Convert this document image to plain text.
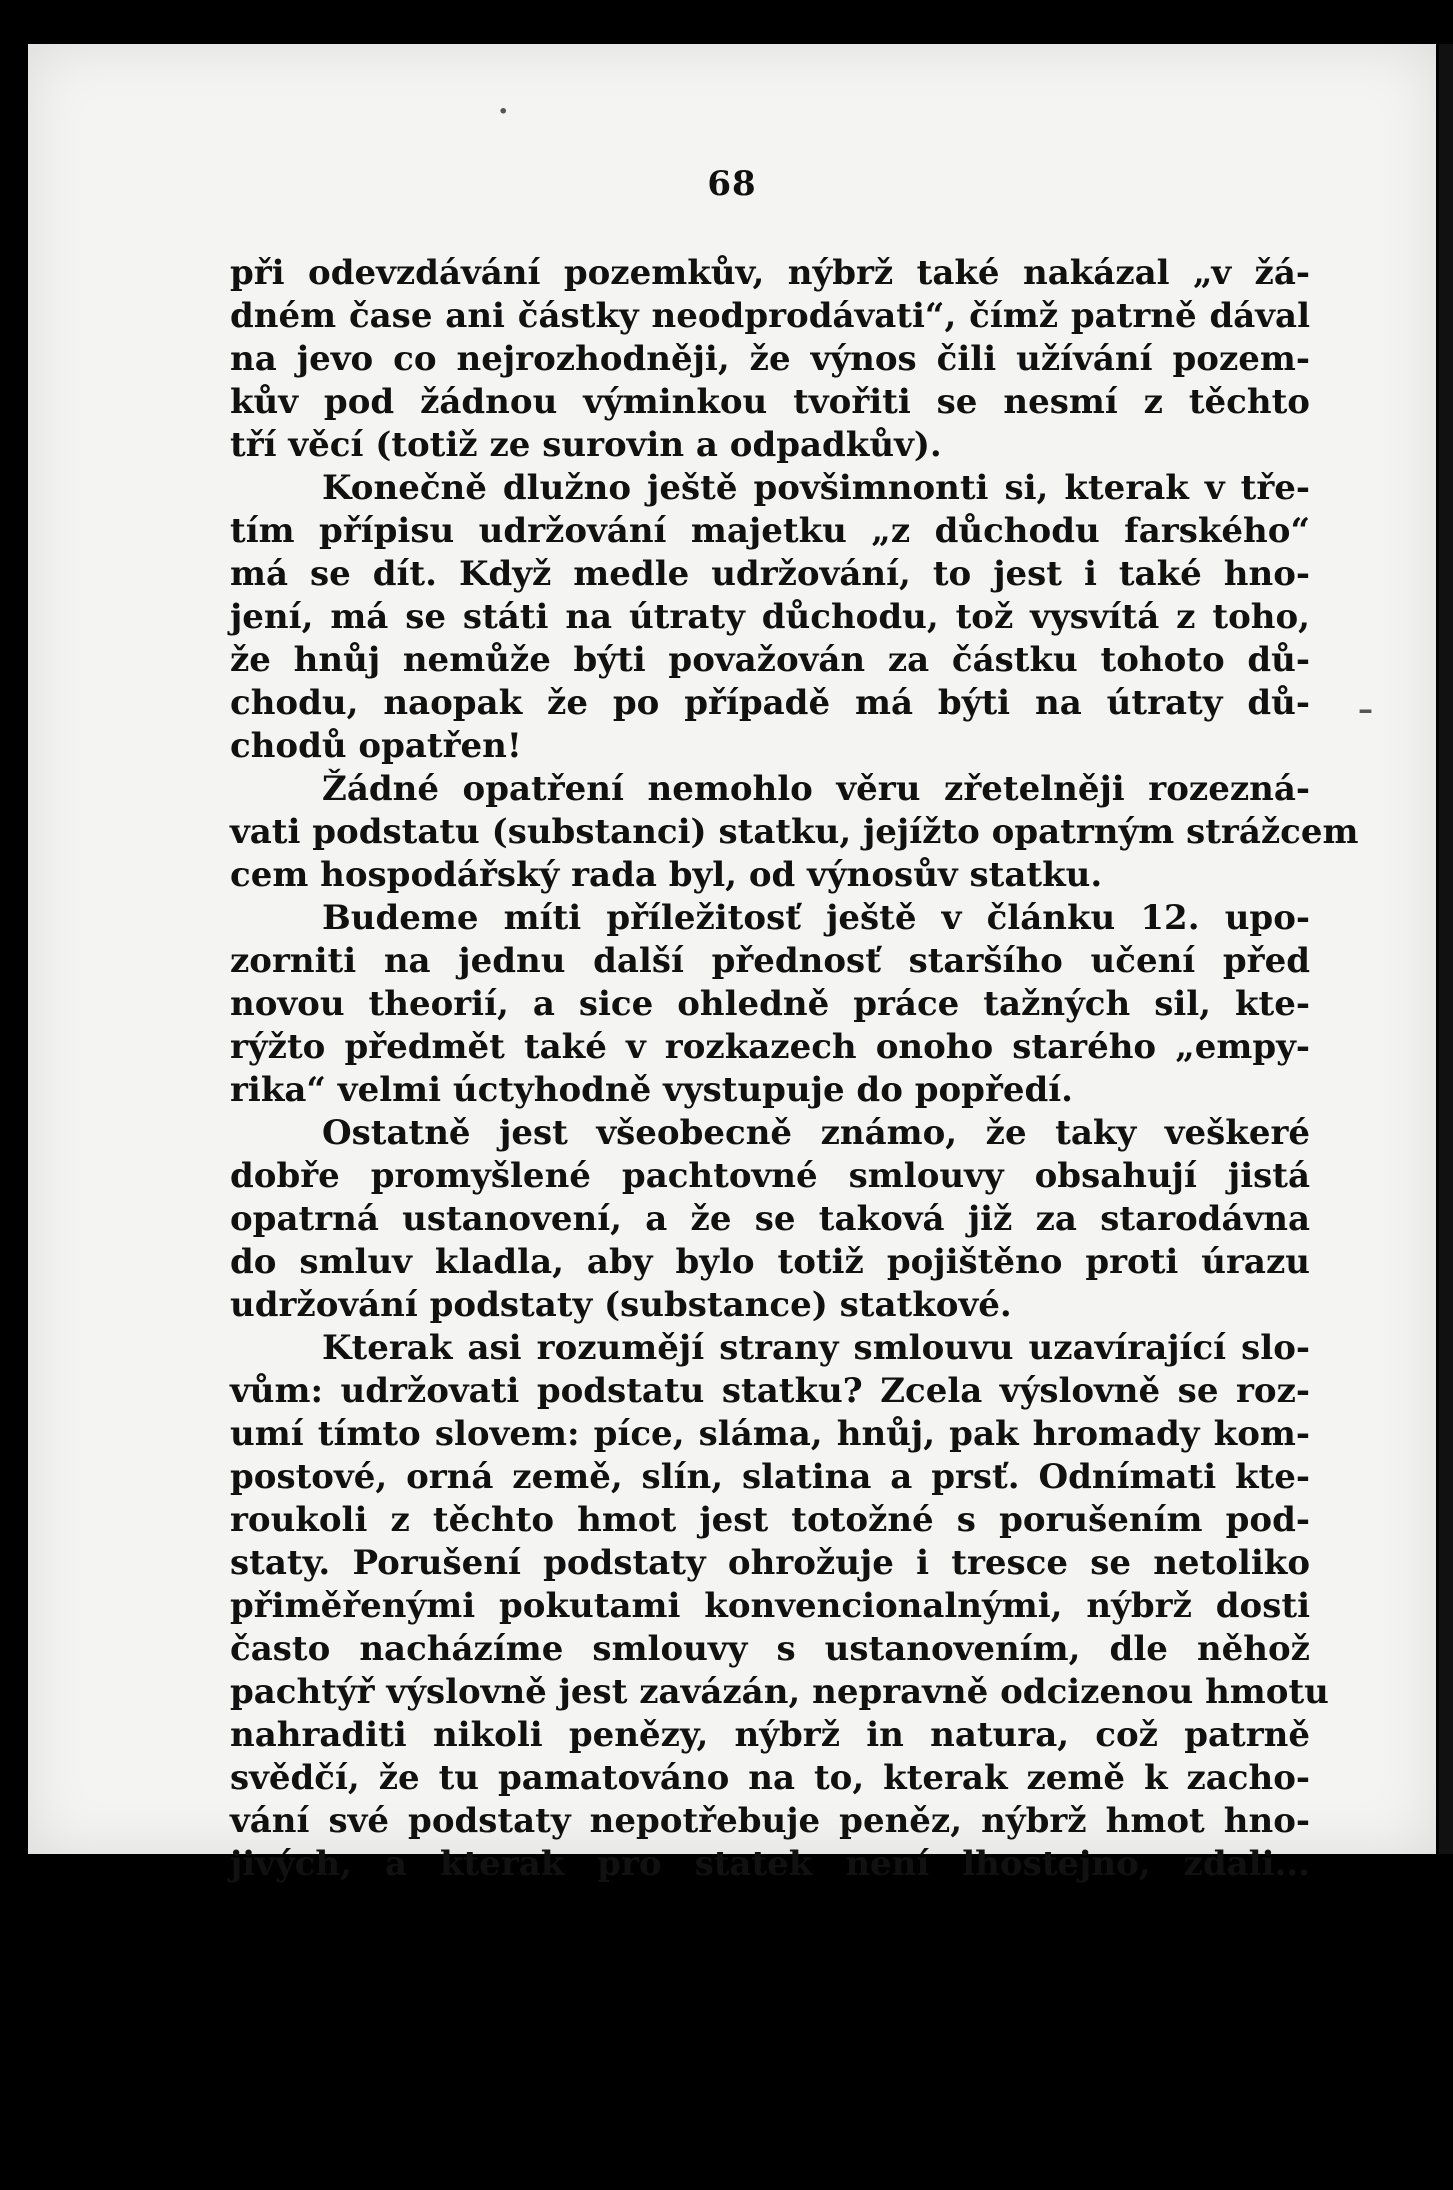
68
·
–
při odevzdávání pozemkův, nýbrž také nakázal „v žá-
dném čase ani částky neodprodávati“, čímž patrně dával
na jevo co nejrozhodněji, že výnos čili užívání pozem-
kův pod žádnou výminkou tvořiti se nesmí z těchto
tří věcí (totiž ze surovin a odpadkův).
Konečně dlužno ještě povšimnonti si, kterak v tře-
tím přípisu udržování majetku „z důchodu farského“
má se dít. Když medle udržování, to jest i také hno-
jení, má se státi na útraty důchodu, tož vysvítá z toho,
že hnůj nemůže býti považován za částku tohoto dů-
chodu, naopak že po případě má býti na útraty dů-
chodů opatřen!
Žádné opatření nemohlo věru zřetelněji rozezná-
vati podstatu (substanci) statku, jejížto opatrným strážcem
cem hospodářský rada byl, od výnosův statku.
Budeme míti příležitosť ještě v článku 12. upo-
zorniti na jednu další přednosť staršího učení před
novou theorií, a sice ohledně práce tažných sil, kte-
rýžto předmět také v rozkazech onoho starého „empy-
rika“ velmi úctyhodně vystupuje do popředí.
Ostatně jest všeobecně známo, že taky veškeré
dobře promyšlené pachtovné smlouvy obsahují jistá
opatrná ustanovení, a že se taková již za starodávna
do smluv kladla, aby bylo totiž pojištěno proti úrazu
udržování podstaty (substance) statkové.
Kterak asi rozumějí strany smlouvu uzavírající slo-
vům: udržovati podstatu statku? Zcela výslovně se roz-
umí tímto slovem: píce, sláma, hnůj, pak hromady kom-
postové, orná země, slín, slatina a prsť. Odnímati kte-
roukoli z těchto hmot jest totožné s porušením pod-
staty. Porušení podstaty ohrožuje i tresce se netoliko
přiměřenými pokutami konvencionalnými, nýbrž dosti
často nacházíme smlouvy s ustanovením, dle něhož
pachtýř výslovně jest zavázán, nepravně odcizenou hmotu
nahraditi nikoli penězy, nýbrž in natura, což patrně
svědčí, že tu pamatováno na to, kterak země k zacho-
vání své podstaty nepotřebuje peněz, nýbrž hmot hno-
jivých, a kterak pro statek není lhostejno, zdali...
